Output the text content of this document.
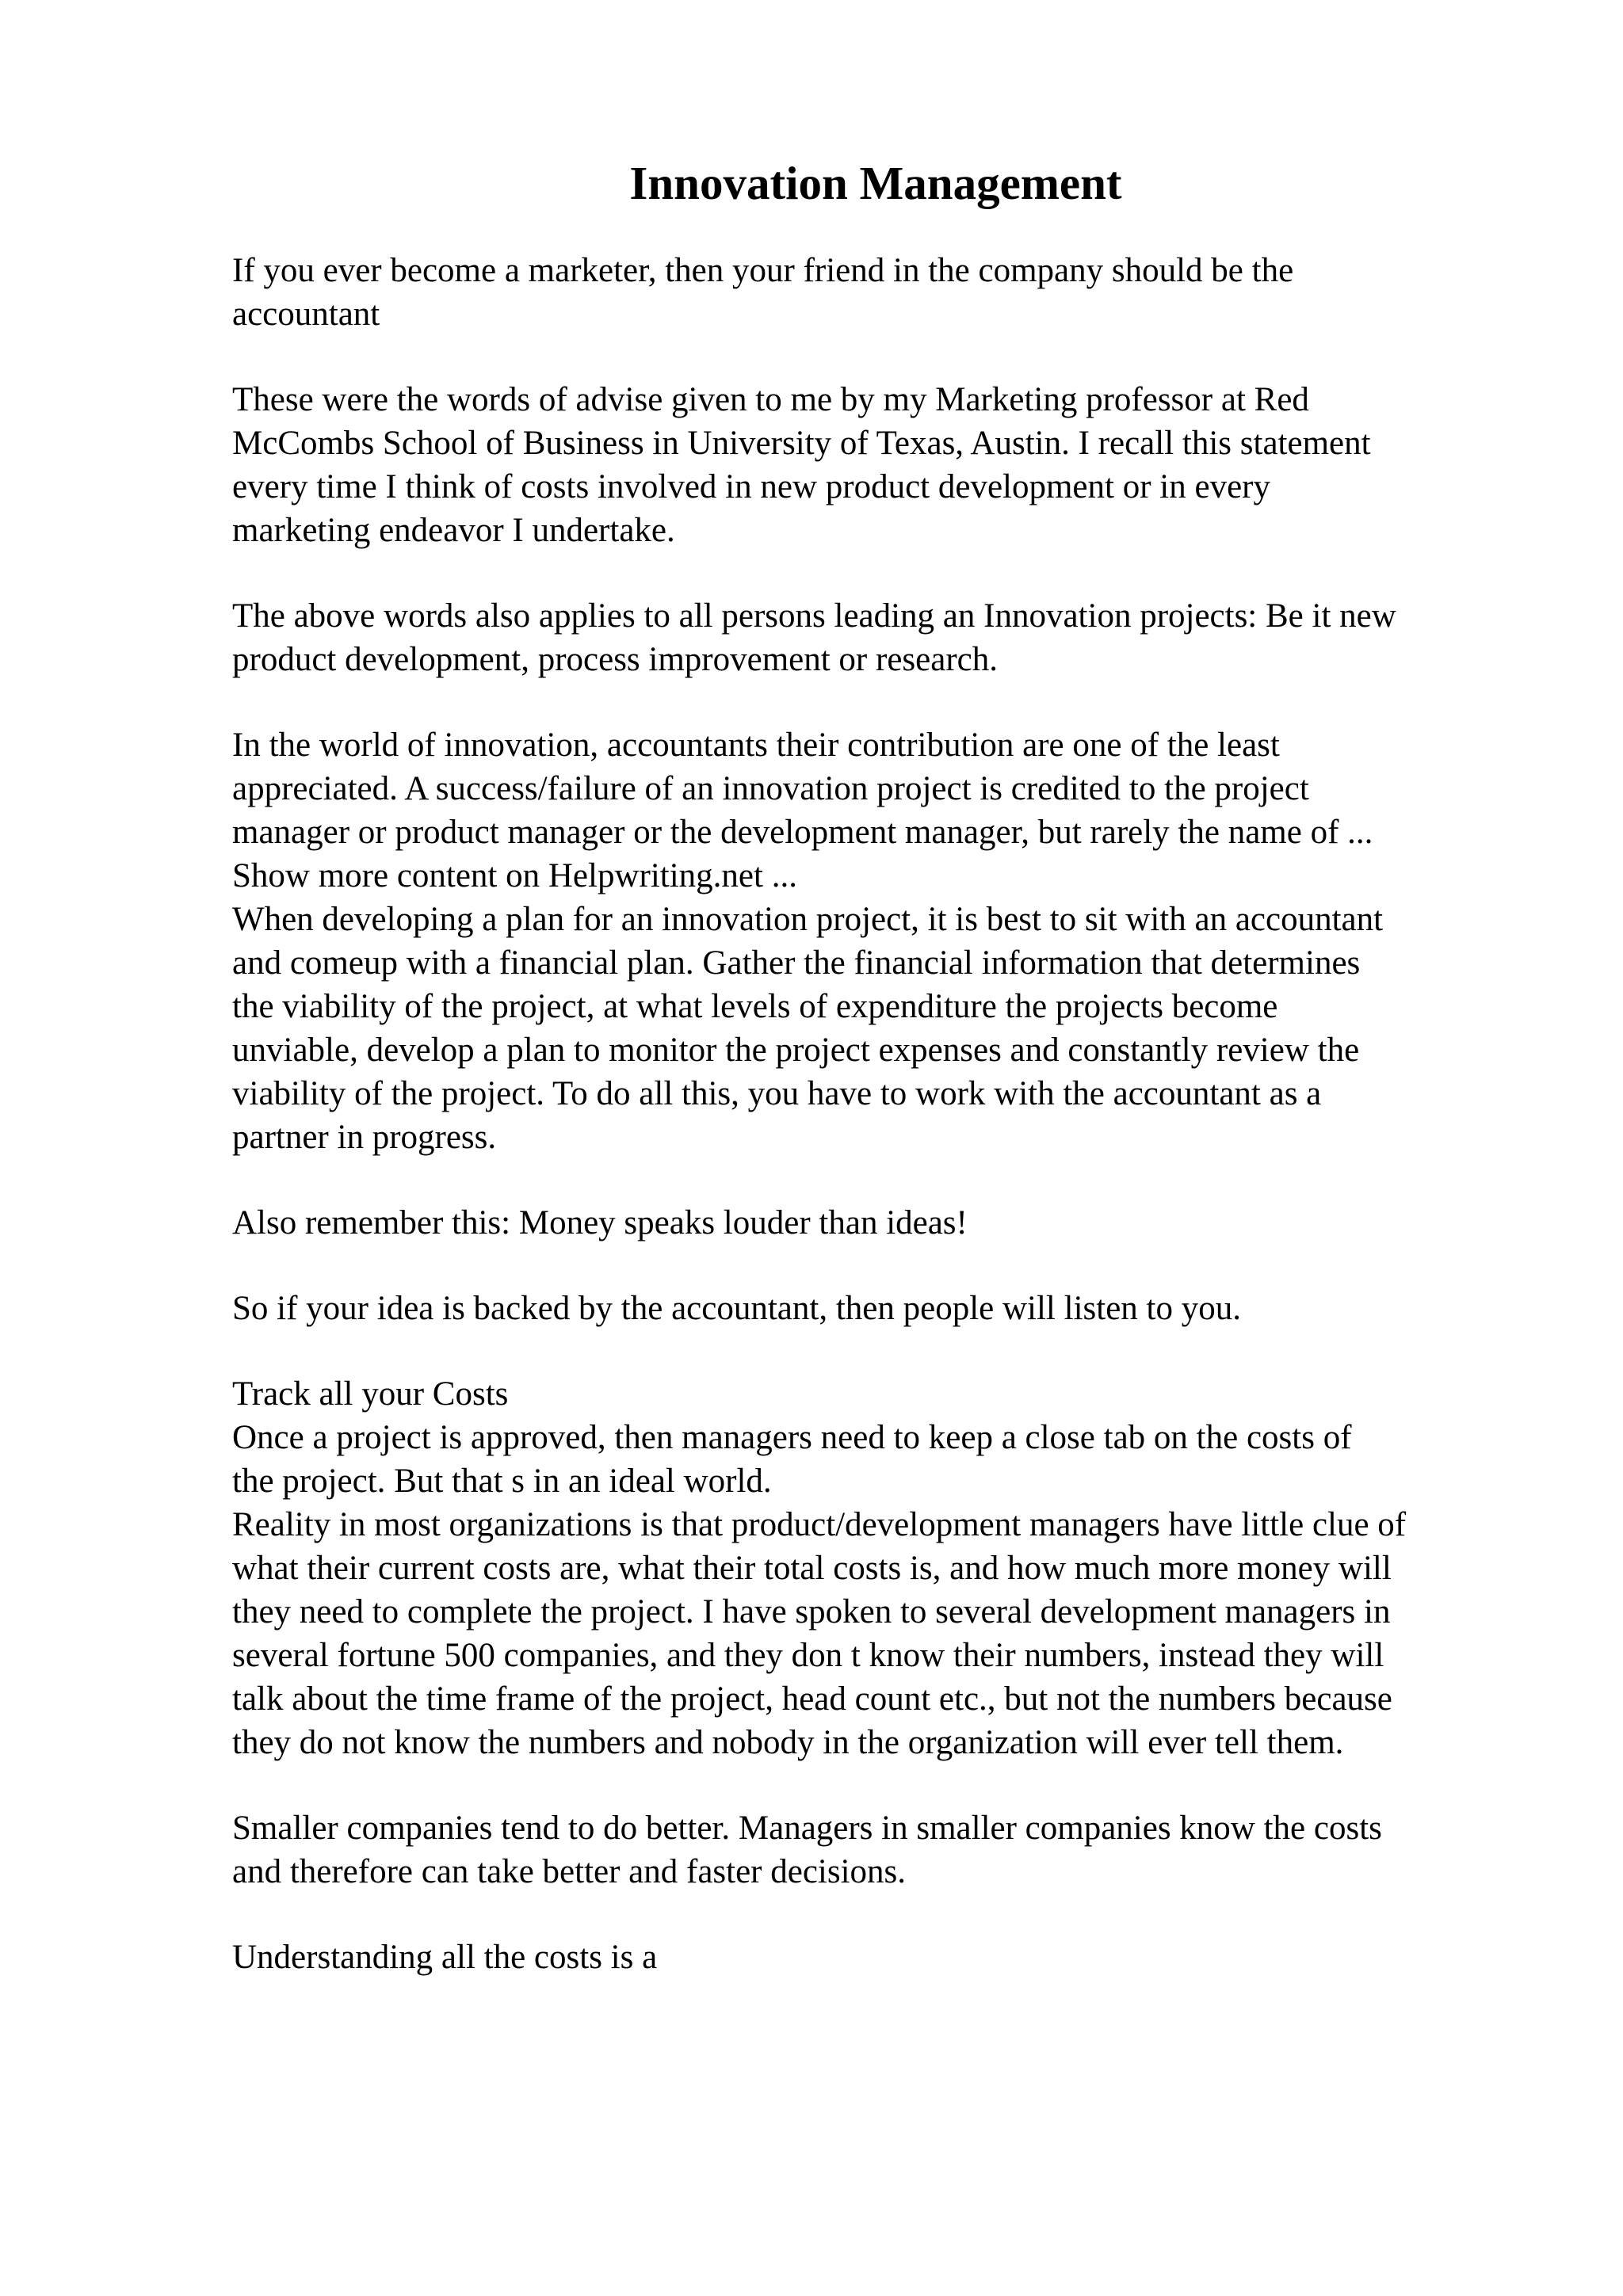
Innovation Management

If you ever become a marketer, then your friend in the company should be the

accountant

These were the words of advise given to me by my Marketing professor at Red

McCombs School of Business in University of Texas, Austin. I recall this statement

every time I think of costs involved in new product development or in every

marketing endeavor I undertake.

The above words also applies to all persons leading an Innovation projects: Be it new

product development, process improvement or research.

In the world of innovation, accountants their contribution are one of the least

appreciated. A success/failure of an innovation project is credited to the project

manager or product manager or the development manager, but rarely the name of ...

Show more content on Helpwriting.net ...

When developing a plan for an innovation project, it is best to sit with an accountant

and comeup with a financial plan. Gather the financial information that determines

the viability of the project, at what levels of expenditure the projects become

unviable, develop a plan to monitor the project expenses and constantly review the

viability of the project. To do all this, you have to work with the accountant as a

partner in progress.

Also remember this: Money speaks louder than ideas!

So if your idea is backed by the accountant, then people will listen to you.

Track all your Costs

Once a project is approved, then managers need to keep a close tab on the costs of

the project. But that s in an ideal world.

Reality in most organizations is that product/development managers have little clue of

what their current costs are, what their total costs is, and how much more money will

they need to complete the project. I have spoken to several development managers in

several fortune 500 companies, and they don t know their numbers, instead they will

talk about the time frame of the project, head count etc., but not the numbers because

they do not know the numbers and nobody in the organization will ever tell them.

Smaller companies tend to do better. Managers in smaller companies know the costs

and therefore can take better and faster decisions.

Understanding all the costs is a
